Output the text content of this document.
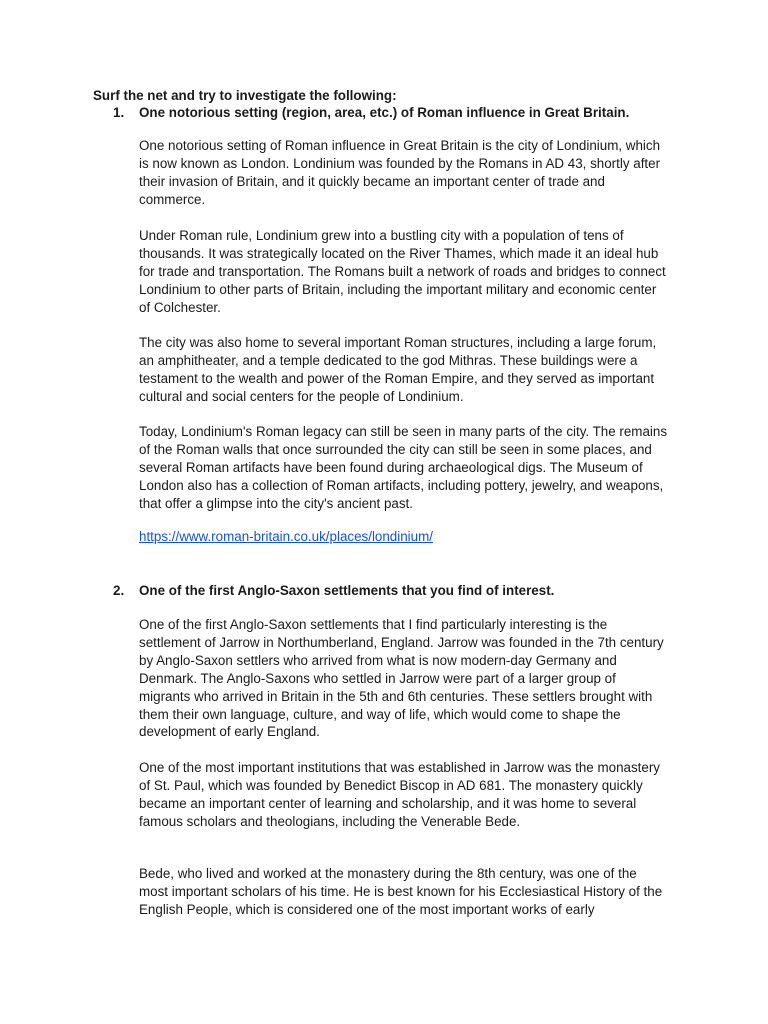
Surf the net and try to investigate the following:

1.	One notorious setting (region, area, etc.) of Roman influence in Great Britain.

One notorious setting of Roman influence in Great Britain is the city of Londinium, which is now known as London. Londinium was founded by the Romans in AD 43, shortly after their invasion of Britain, and it quickly became an important center of trade and commerce.

Under Roman rule, Londinium grew into a bustling city with a population of tens of thousands. It was strategically located on the River Thames, which made it an ideal hub for trade and transportation. The Romans built a network of roads and bridges to connect Londinium to other parts of Britain, including the important military and economic center of Colchester.

The city was also home to several important Roman structures, including a large forum, an amphitheater, and a temple dedicated to the god Mithras. These buildings were a testament to the wealth and power of the Roman Empire, and they served as important cultural and social centers for the people of Londinium.

Today, Londinium's Roman legacy can still be seen in many parts of the city. The remains of the Roman walls that once surrounded the city can still be seen in some places, and several Roman artifacts have been found during archaeological digs. The Museum of London also has a collection of Roman artifacts, including pottery, jewelry, and weapons, that offer a glimpse into the city's ancient past.

https://www.roman-britain.co.uk/places/londinium/

2.	One of the first Anglo-Saxon settlements that you find of interest.

One of the first Anglo-Saxon settlements that I find particularly interesting is the settlement of Jarrow in Northumberland, England. Jarrow was founded in the 7th century by Anglo-Saxon settlers who arrived from what is now modern-day Germany and Denmark. The Anglo-Saxons who settled in Jarrow were part of a larger group of migrants who arrived in Britain in the 5th and 6th centuries. These settlers brought with them their own language, culture, and way of life, which would come to shape the development of early England.

One of the most important institutions that was established in Jarrow was the monastery of St. Paul, which was founded by Benedict Biscop in AD 681. The monastery quickly became an important center of learning and scholarship, and it was home to several famous scholars and theologians, including the Venerable Bede.

Bede, who lived and worked at the monastery during the 8th century, was one of the most important scholars of his time. He is best known for his Ecclesiastical History of the English People, which is considered one of the most important works of early
